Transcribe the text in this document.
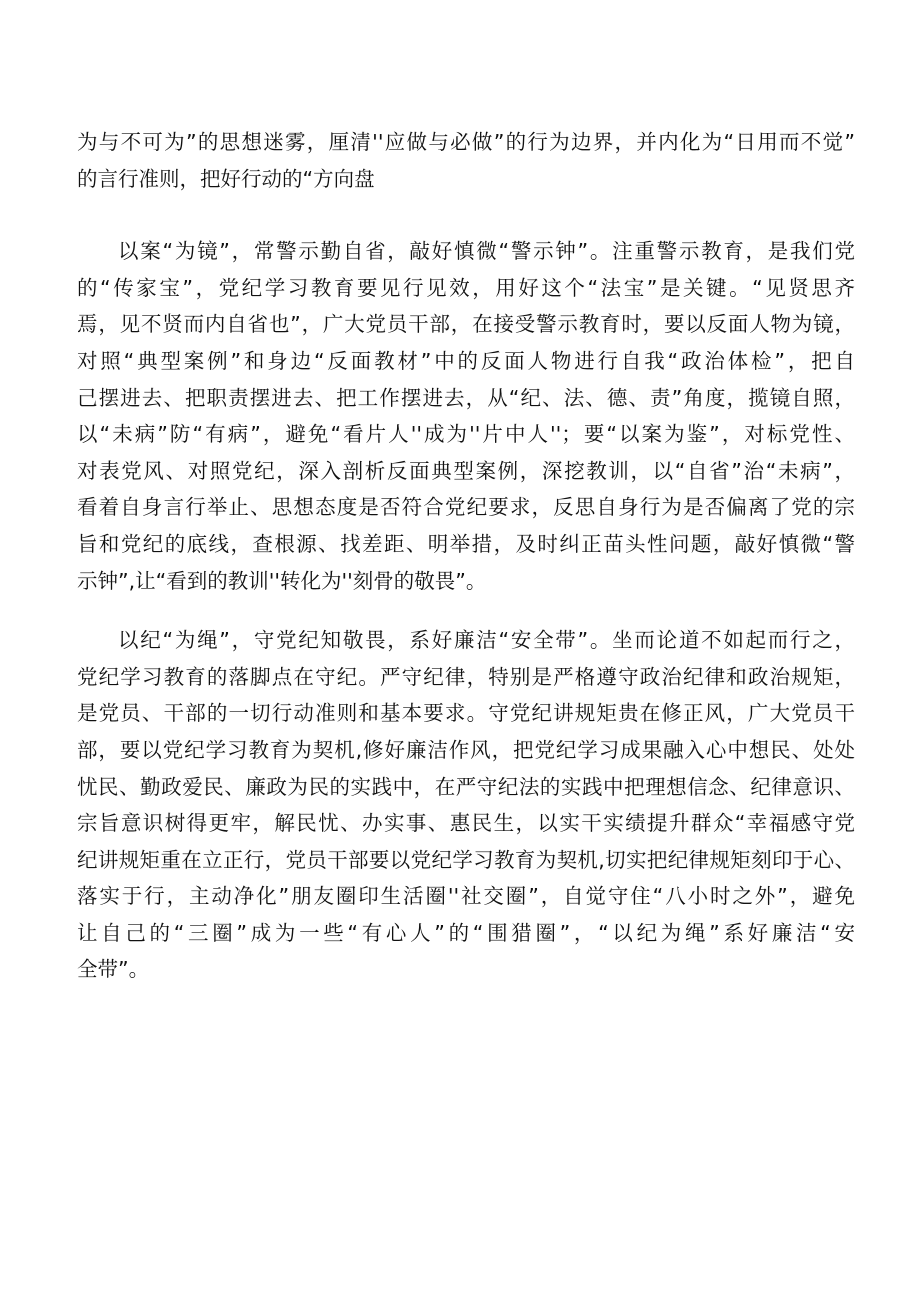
为与不可为”的思想迷雾，厘清''应做与必做”的行为边界，并内化为“日用而不觉”
的言行准则，把好行动的“方向盘

以案“为镜”，常警示勤自省，敲好慎微“警示钟”。注重警示教育，是我们党
的“传家宝”，党纪学习教育要见行见效，用好这个“法宝”是关键。“见贤思齐
焉，见不贤而内自省也”，广大党员干部，在接受警示教育时，要以反面人物为镜，
对照“典型案例”和身边“反面教材”中的反面人物进行自我“政治体检”，把自
己摆进去、把职责摆进去、把工作摆进去，从“纪、法、德、责”角度，揽镜自照，
以“未病”防“有病”，避免“看片人''成为''片中人''；要“以案为鉴”，对标党性、
对表党风、对照党纪，深入剖析反面典型案例，深挖教训，以“自省”治“未病”，
看着自身言行举止、思想态度是否符合党纪要求，反思自身行为是否偏离了党的宗
旨和党纪的底线，查根源、找差距、明举措，及时纠正苗头性问题，敲好慎微“警
示钟”,让“看到的教训''转化为''刻骨的敬畏”。

以纪“为绳”，守党纪知敬畏，系好廉洁“安全带”。坐而论道不如起而行之，
党纪学习教育的落脚点在守纪。严守纪律，特别是严格遵守政治纪律和政治规矩，
是党员、干部的一切行动准则和基本要求。守党纪讲规矩贵在修正风，广大党员干
部，要以党纪学习教育为契机,修好廉洁作风，把党纪学习成果融入心中想民、处处
忧民、勤政爱民、廉政为民的实践中，在严守纪法的实践中把理想信念、纪律意识、
宗旨意识树得更牢，解民忧、办实事、惠民生，以实干实绩提升群众“幸福感守党
纪讲规矩重在立正行，党员干部要以党纪学习教育为契机,切实把纪律规矩刻印于心、
落实于行，主动净化”朋友圈印生活圈''社交圈”，自觉守住“八小时之外”，避免
让自己的“三圈”成为一些“有心人”的“围猎圈”，“以纪为绳”系好廉洁“安
全带”。
